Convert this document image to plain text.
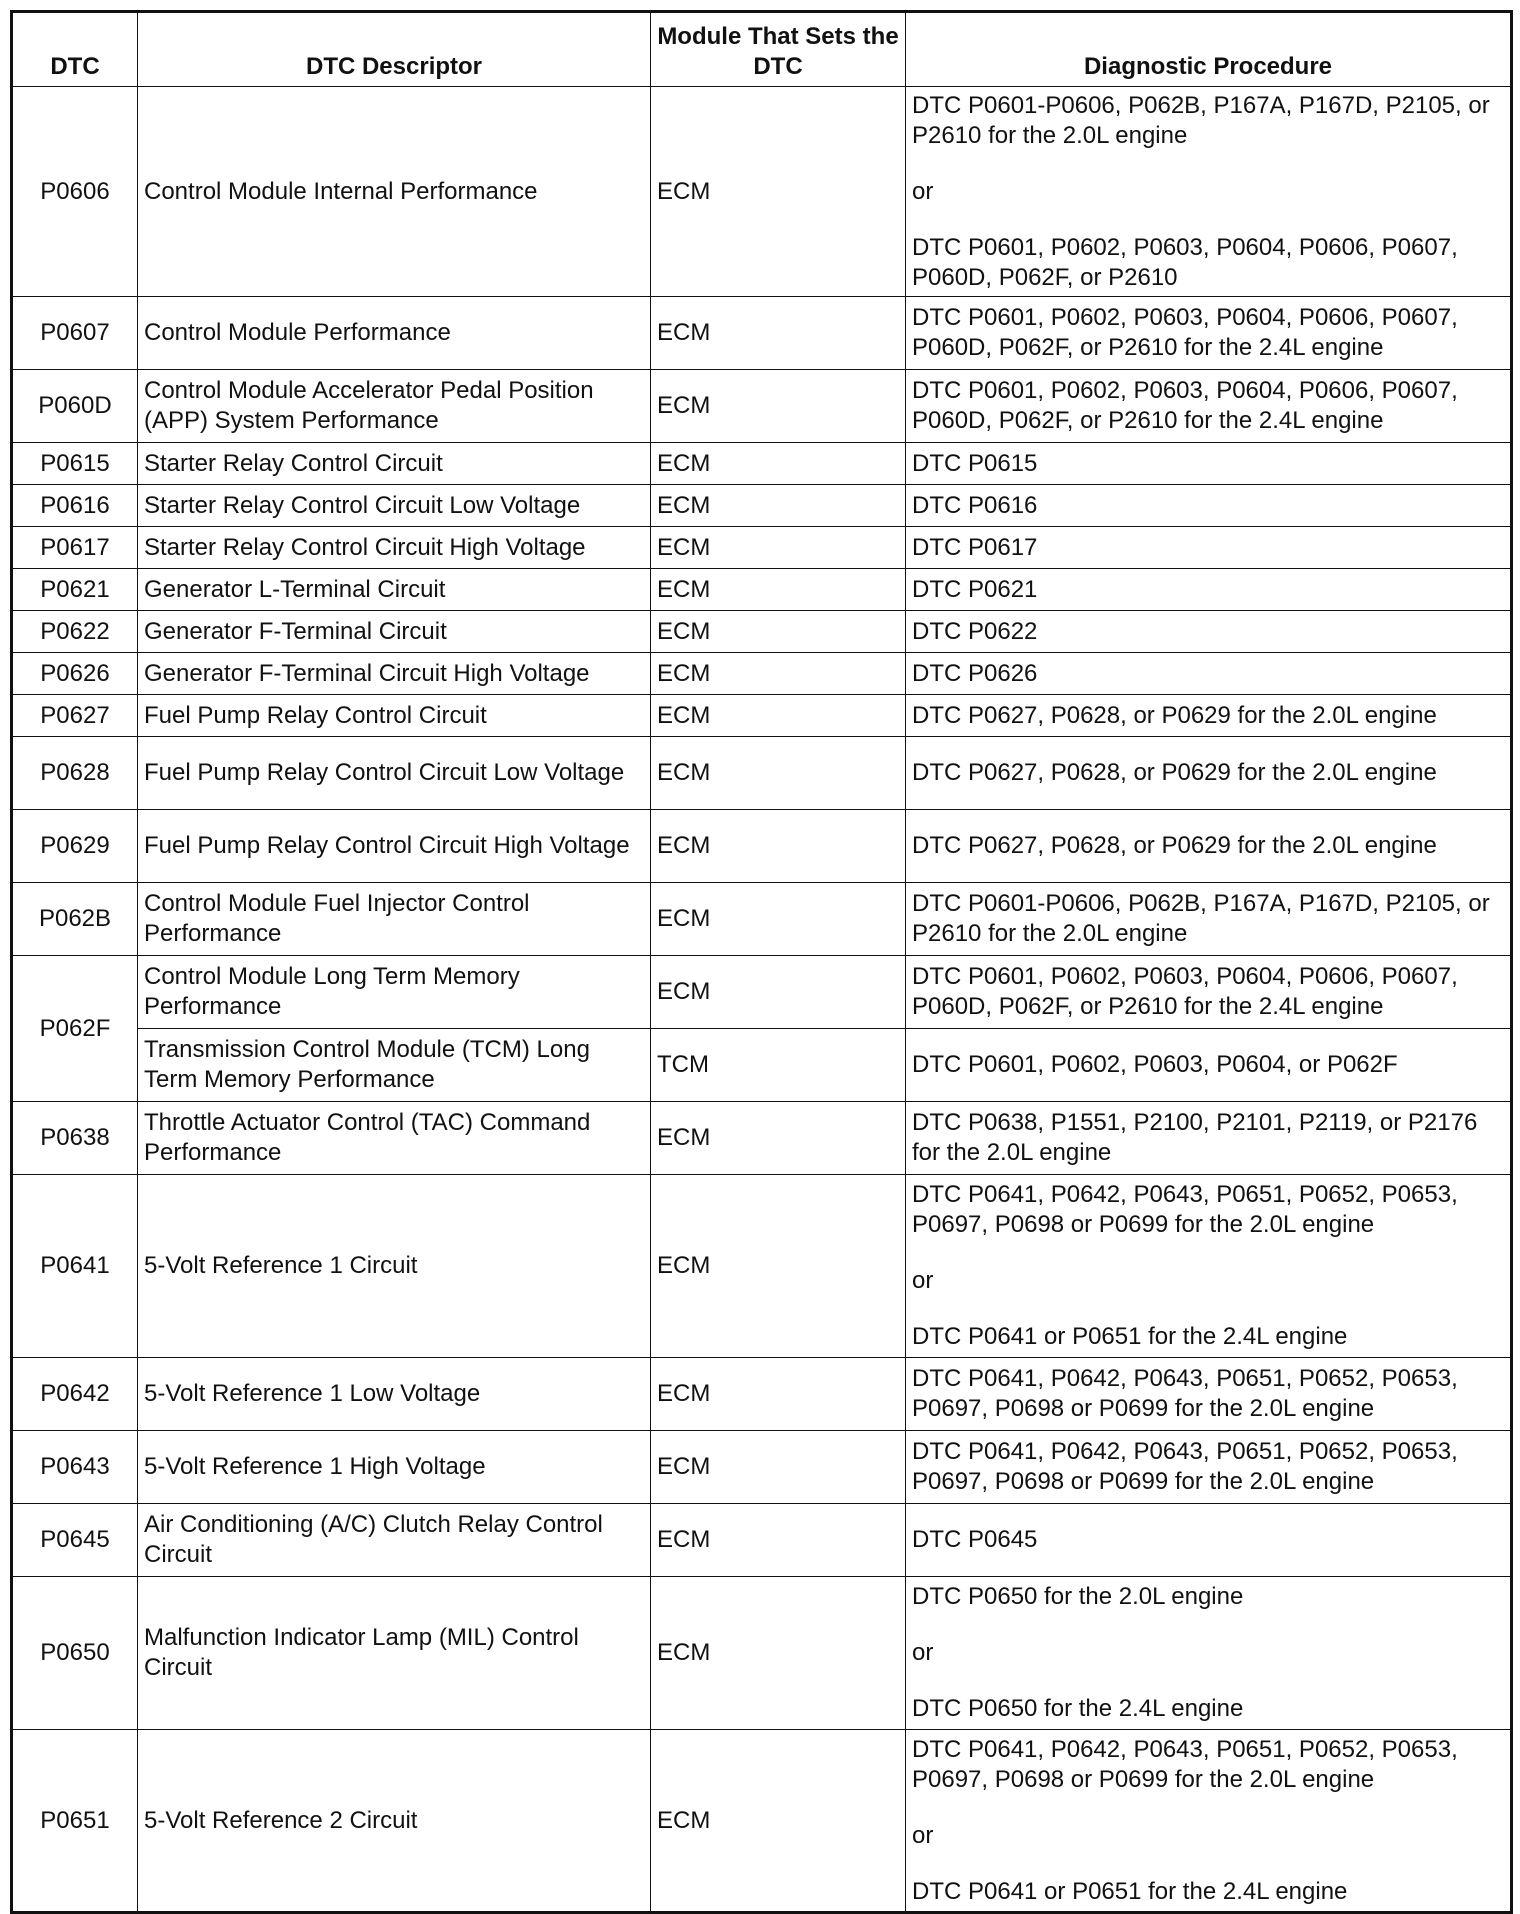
DTC	DTC Descriptor	Module That Sets the DTC	Diagnostic Procedure
P0606	Control Module Internal Performance	ECM	DTC P0601-P0606, P062B, P167A, P167D, P2105, or P2610 for the 2.0L engine
or
DTC P0601, P0602, P0603, P0604, P0606, P0607, P060D, P062F, or P2610

P0607	Control Module Performance	ECM	DTC P0601, P0602, P0603, P0604, P0606, P0607, P060D, P062F, or P2610 for the 2.4L engine

P060D	Control Module Accelerator Pedal Position (APP) System Performance	ECM	DTC P0601, P0602, P0603, P0604, P0606, P0607, P060D, P062F, or P2610 for the 2.4L engine

P0615	Starter Relay Control Circuit	ECM	DTC P0615

P0616	Starter Relay Control Circuit Low Voltage	ECM	DTC P0616

P0617	Starter Relay Control Circuit High Voltage	ECM	DTC P0617

P0621	Generator L-Terminal Circuit	ECM	DTC P0621

P0622	Generator F-Terminal Circuit	ECM	DTC P0622

P0626	Generator F-Terminal Circuit High Voltage	ECM	DTC P0626

P0627	Fuel Pump Relay Control Circuit	ECM	DTC P0627, P0628, or P0629 for the 2.0L engine

P0628	Fuel Pump Relay Control Circuit Low Voltage	ECM	DTC P0627, P0628, or P0629 for the 2.0L engine

P0629	Fuel Pump Relay Control Circuit High Voltage	ECM	DTC P0627, P0628, or P0629 for the 2.0L engine

P062B	Control Module Fuel Injector Control Performance	ECM	DTC P0601-P0606, P062B, P167A, P167D, P2105, or P2610 for the 2.0L engine

P062F	Control Module Long Term Memory Performance	ECM	DTC P0601, P0602, P0603, P0604, P0606, P0607, P060D, P062F, or P2610 for the 2.4L engine

	Transmission Control Module (TCM) Long Term Memory Performance	TCM	DTC P0601, P0602, P0603, P0604, or P062F

P0638	Throttle Actuator Control (TAC) Command Performance	ECM	DTC P0638, P1551, P2100, P2101, P2119, or P2176 for the 2.0L engine

P0641	5-Volt Reference 1 Circuit	ECM	DTC P0641, P0642, P0643, P0651, P0652, P0653, P0697, P0698 or P0699 for the 2.0L engine
or
DTC P0641 or P0651 for the 2.4L engine

P0642	5-Volt Reference 1 Low Voltage	ECM	DTC P0641, P0642, P0643, P0651, P0652, P0653, P0697, P0698 or P0699 for the 2.0L engine

P0643	5-Volt Reference 1 High Voltage	ECM	DTC P0641, P0642, P0643, P0651, P0652, P0653, P0697, P0698 or P0699 for the 2.0L engine

P0645	Air Conditioning (A/C) Clutch Relay Control Circuit	ECM	DTC P0645

P0650	Malfunction Indicator Lamp (MIL) Control Circuit	ECM	DTC P0650 for the 2.0L engine
or
DTC P0650 for the 2.4L engine

P0651	5-Volt Reference 2 Circuit	ECM	DTC P0641, P0642, P0643, P0651, P0652, P0653, P0697, P0698 or P0699 for the 2.0L engine
or
DTC P0641 or P0651 for the 2.4L engine
